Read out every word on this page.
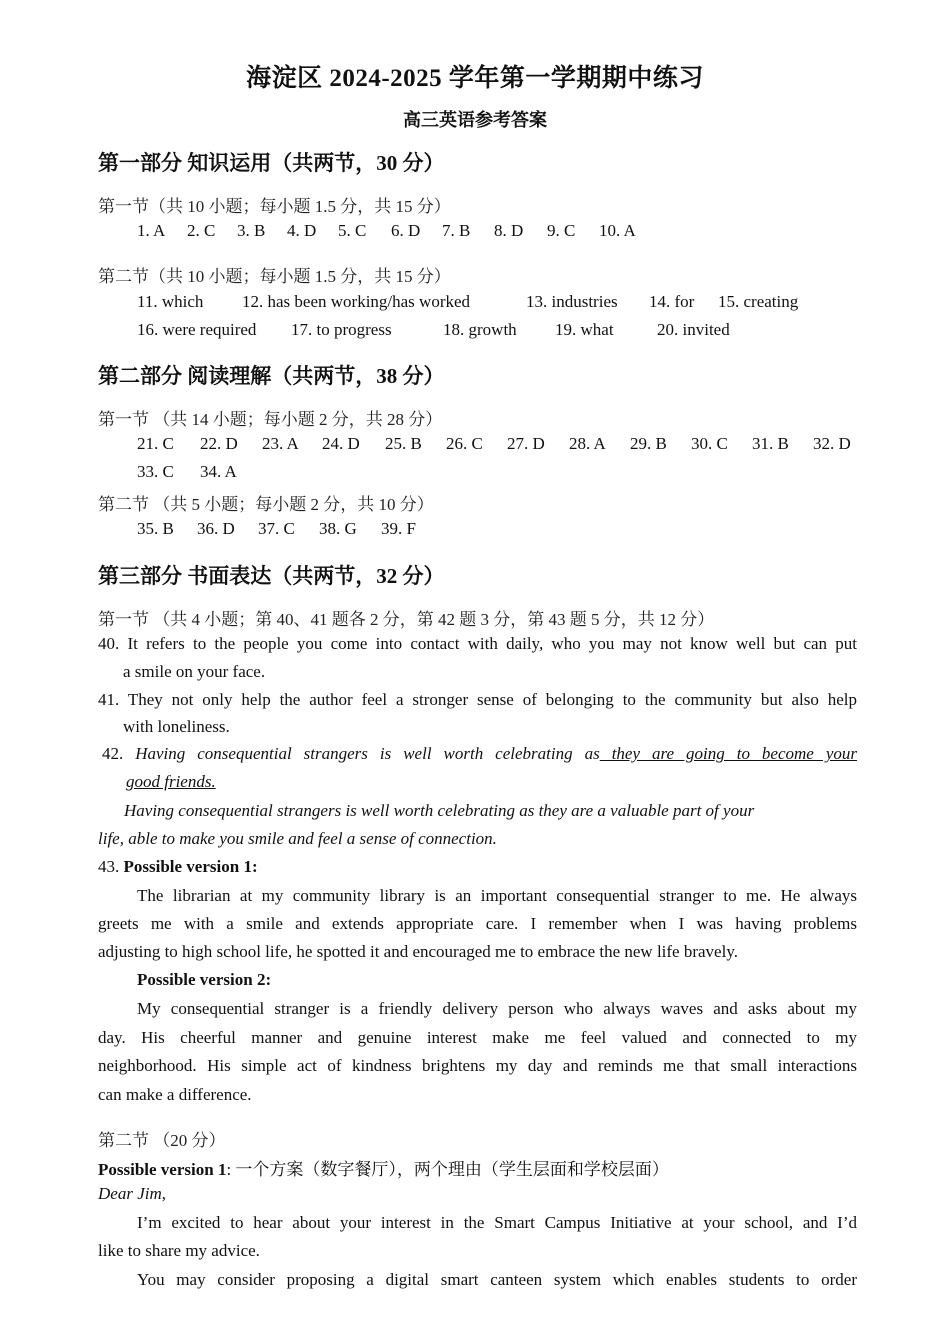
海淀区 2024-2025 学年第一学期期中练习
高三英语参考答案
第一部分 知识运用（共两节，30 分）
第一节（共 10 小题；每小题 1.5 分，共 15 分）

1. A

2. C

3. B

4. D

5. C

6. D

7. B

8. D

9. C

10. A

第二节（共 10 小题；每小题 1.5 分，共 15 分）

11. which

12. has been working/has worked

	13. industries

14. for

15. creating

16. were required

17. to progress

	18. growth

19. what

	20. invited

第二部分 阅读理解（共两节，38 分）
第一节 （共 14 小题；每小题 2 分，共 28 分）

21. C

22. D

23. A

24. D

25. B

26. C

27. D

28. A

29. B

30. C

31. B

32. D

33. C

34. A

第二节 （共 5 小题；每小题 2 分，共 10 分）

35. B

36. D

37. C

38. G

39. F

第三部分 书面表达（共两节，32 分）
第一节 （共 4 小题；第 40、41 题各 2 分，第 42 题 3 分，第 43 题 5 分，共 12 分）
40. It refers to the people you come into contact with daily, who you may not know well but can put
a smile on your face.
41. They not only help the author feel a stronger sense of belonging to the community but also help
with loneliness.
42. Having consequential strangers is well worth celebrating as they are going to become your
good friends.
Having consequential strangers is well worth celebrating as they are a valuable part of your
life, able to make you smile and feel a sense of connection.
43. Possible version 1:
The librarian at my community library is an important consequential stranger to me. He always
greets me with a smile and extends appropriate care. I remember when I was having problems
adjusting to high school life, he spotted it and encouraged me to embrace the new life bravely.
Possible version 2:
My consequential stranger is a friendly delivery person who always waves and asks about my
day. His cheerful manner and genuine interest make me feel valued and connected to my
neighborhood. His simple act of kindness brightens my day and reminds me that small interactions
can make a difference.
第二节 （20 分）
Possible version 1: 一个方案（数字餐厅），两个理由（学生层面和学校层面）
Dear Jim,
I’m excited to hear about your interest in the Smart Campus Initiative at your school, and I’d
like to share my advice.
You may consider proposing a digital smart canteen system which enables students to order
